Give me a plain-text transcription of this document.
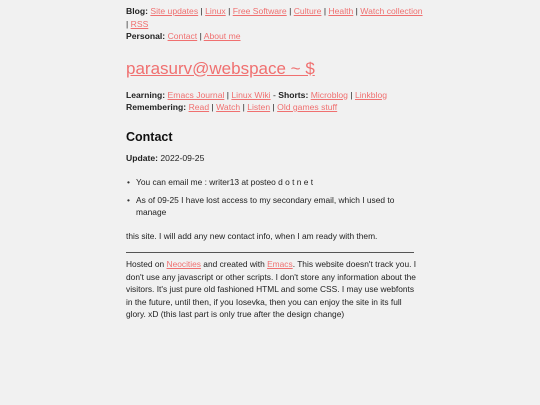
Blog: Site updates | Linux | Free Software | Culture | Health | Watch collection | RSS

Personal: Contact | About me

parasurv@webspace ~ $

Learning: Emacs Journal | Linux Wiki - Shorts: Microblog | Linkblog

Remembering: Read | Watch | Listen | Old games stuff

Contact

Update: 2022-09-25

• You can email me : writer13 at posteo d o t n e t
• As of 09-25 I have lost access to my secondary email, which I used to manage

this site. I will add any new contact info, when I am ready with them.

Hosted on Neocities and created with Emacs. This website doesn't track you. I don't use any javascript or other scripts. I don't store any information about the visitors. It's just pure old fashioned HTML and some CSS. I may use webfonts in the future, until then, if you Iosevka, then you can enjoy the site in its full glory. xD (this last part is only true after the design change)
